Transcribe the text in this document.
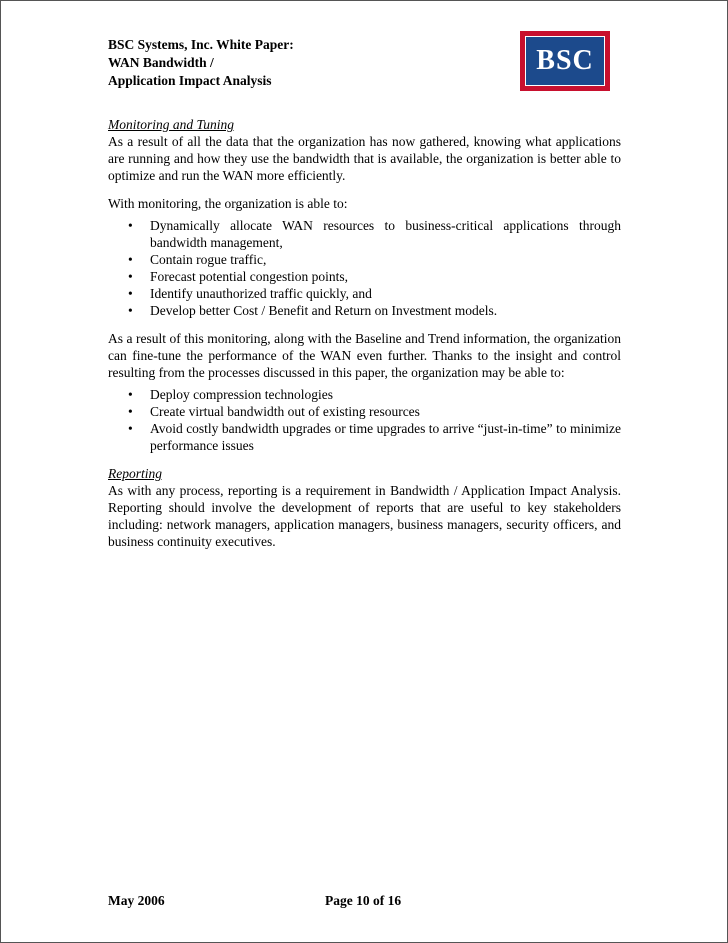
BSC Systems, Inc. White Paper:
WAN Bandwidth /
Application Impact Analysis
BSC

Monitoring and Tuning

As a result of all the data that the organization has now gathered, knowing what applications are running and how they use the bandwidth that is available, the organization is better able to optimize and run the WAN more efficiently.

With monitoring, the organization is able to:

• Dynamically allocate WAN resources to business-critical applications through bandwidth management,
• Contain rogue traffic,
• Forecast potential congestion points,
• Identify unauthorized traffic quickly, and
• Develop better Cost / Benefit and Return on Investment models.

As a result of this monitoring, along with the Baseline and Trend information, the organization can fine-tune the performance of the WAN even further. Thanks to the insight and control resulting from the processes discussed in this paper, the organization may be able to:

• Deploy compression technologies
• Create virtual bandwidth out of existing resources
• Avoid costly bandwidth upgrades or time upgrades to arrive “just-in-time” to minimize performance issues

Reporting

As with any process, reporting is a requirement in Bandwidth / Application Impact Analysis. Reporting should involve the development of reports that are useful to key stakeholders including: network managers, application managers, business managers, security officers, and business continuity executives.

May 2006	Page 10 of 16
